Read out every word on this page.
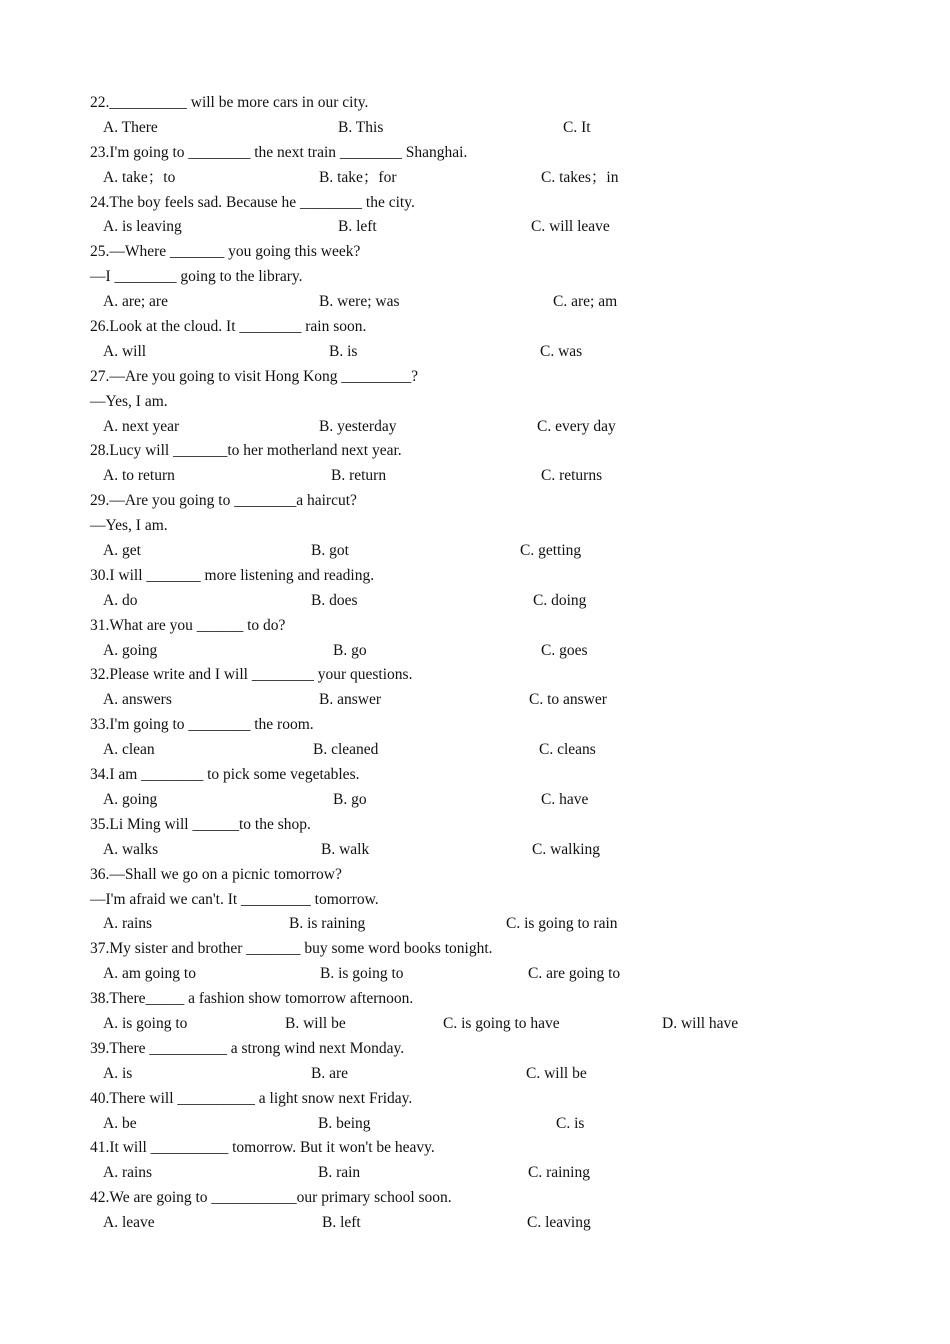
22.__________ will be more cars in our city.
A. There	B. This	C. It
23.I'm going to ________ the next train ________ Shanghai.
A. take；to	B. take；for	C. takes；in
24.The boy feels sad. Because he ________ the city.
A. is leaving	B. left	C. will leave
25.—Where _______ you going this week?
—I ________ going to the library.
A. are; are	B. were; was	C. are; am
26.Look at the cloud. It ________ rain soon.
A. will	B. is	C. was
27.—Are you going to visit Hong Kong _________?
—Yes, I am.
A. next year	B. yesterday	C. every day
28.Lucy will _______to her motherland next year.
A. to return	B. return	C. returns
29.—Are you going to ________a haircut?
—Yes, I am.
A. get	B. got	C. getting
30.I will _______ more listening and reading.
A. do	B. does	C. doing
31.What are you ______ to do?
A. going	B. go	C. goes
32.Please write and I will ________ your questions.
A. answers	B. answer	C. to answer
33.I'm going to ________ the room.
A. clean	B. cleaned	C. cleans
34.I am ________ to pick some vegetables.
A. going	B. go	C. have
35.Li Ming will ______to the shop.
A. walks	B. walk	C. walking
36.—Shall we go on a picnic tomorrow?
—I'm afraid we can't. It _________ tomorrow.
A. rains	B. is raining	C. is going to rain
37.My sister and brother _______ buy some word books tonight.
A. am going to	B. is going to	C. are going to
38.There_____ a fashion show tomorrow afternoon.
A. is going to	B. will be	C. is going to have	D. will have
39.There __________ a strong wind next Monday.
A. is	B. are	C. will be
40.There will __________ a light snow next Friday.
A. be	B. being	C. is
41.It will __________ tomorrow. But it won't be heavy.
A. rains	B. rain	C. raining
42.We are going to ___________our primary school soon.
A. leave	B. left	C. leaving
